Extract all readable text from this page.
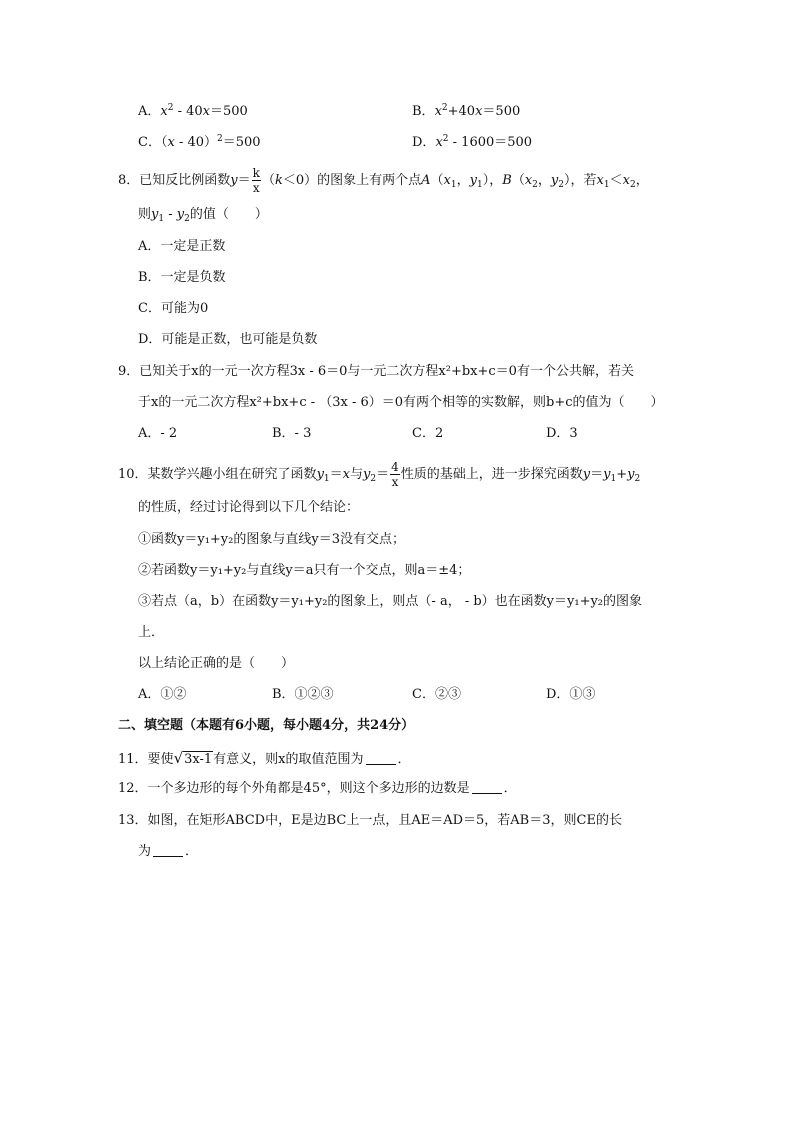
A．$x^2 - 40x=500$	B．$x^2+40x=500$
C．（x - 40）$^2$＝500	D．$x^2 - 1600=500$
8．已知反比例函数$y= \frac{k}{x} (k<0)$的图象上有两个点$A(x_1$，$y_1$），$B(x_2$，$y_2$），若$x_1<x_2$，
则$y_1 - y_2$的值（　　）
A．一定是正数
B．一定是负数
C．可能为0
D．可能是正数，也可能是负数
9．已知关于x的一元一次方程3x - 6＝0与一元二次方程x²+bx+c＝0有一个公共解，若关
于x的一元二次方程x²+bx+c - （3x - 6）＝0有两个相等的实数解，则b+c的值为（　　）
A．- 2	B．- 3	C．2	D．3
10．某数学兴趣小组在研究了函数$y_1=x$与$y_2= \frac{4}{x}$ 性质的基础上，进一步探究函数$y=y_1+y_2$
的性质，经过讨论得到以下几个结论：
①函数y＝y₁+y₂的图象与直线y＝3没有交点；
②若函数y＝y₁+y₂与直线y＝a只有一个交点，则a＝±4；
③若点（a，b）在函数y＝y₁+y₂的图象上，则点（- a， - b）也在函数y＝y₁+y₂的图象
上．
以上结论正确的是（　　）
A．①②	B．①②③	C．②③	D．①③
二、填空题（本题有6小题，每小题4分，共24分）
11．要使√3x-1有意义，则x的取值范围为	．
12．一个多边形的每个外角都是45°，则这个多边形的边数是	．
13．如图，在矩形ABCD中，E是边BC上一点，且AE＝AD＝5，若AB＝3，则CE的长
为	．
